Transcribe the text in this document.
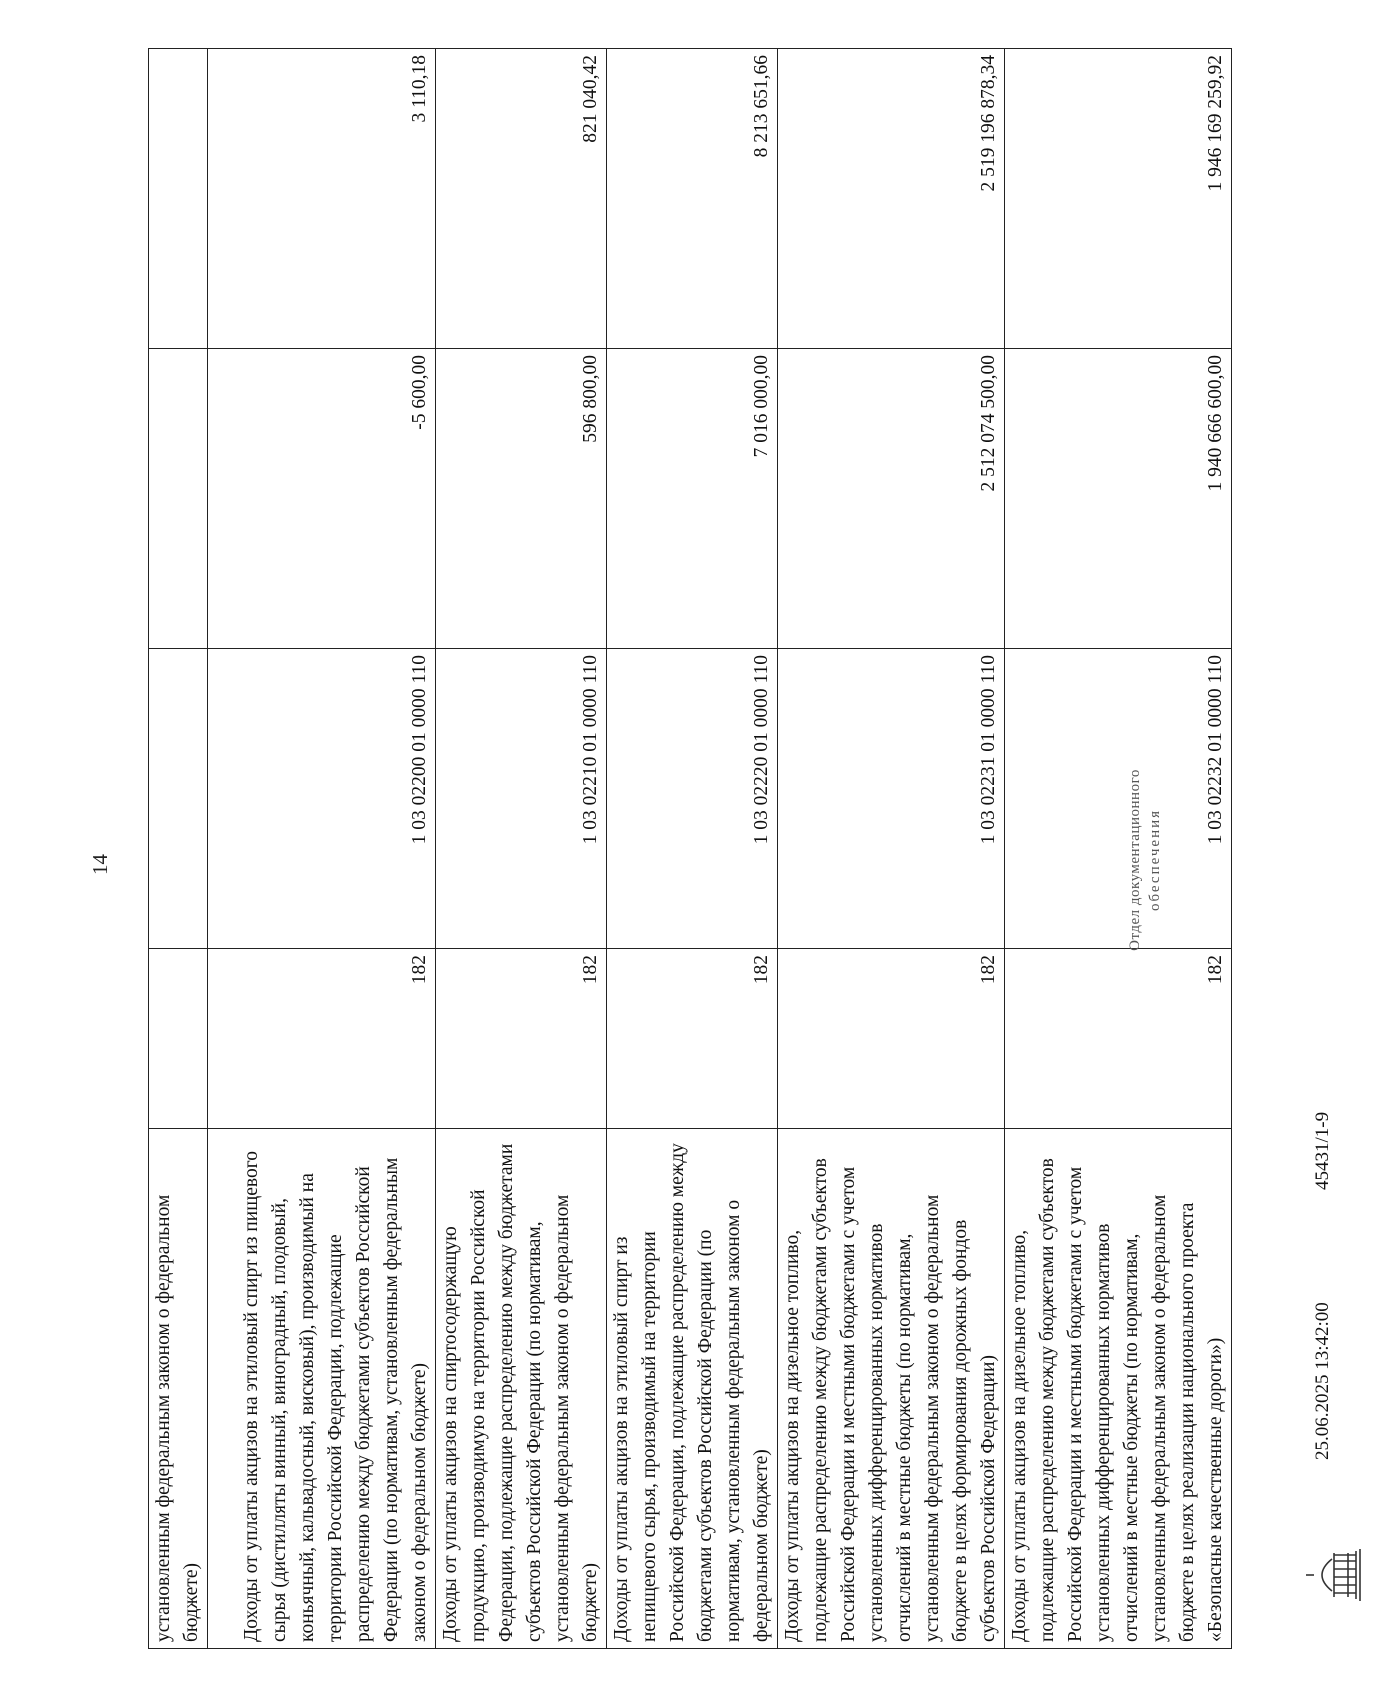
14
установленным федеральным законом о федеральном бюджете)				
Доходы от уплаты акцизов на этиловый спирт из пищевого сырья (дистилляты винный, виноградный, плодовый, коньячный, кальвадосный, висковый), производимый на территории Российской Федерации, подлежащие распределению между бюджетами субъектов Российской Федерации (по нормативам, установленным федеральным законом о федеральном бюджете)	182	1 03 02200 01 0000 110	-5 600,00	3 110,18
Доходы от уплаты акцизов на спиртосодержащую продукцию, производимую на территории Российской Федерации, подлежащие распределению между бюджетами субъектов Российской Федерации (по нормативам, установленным федеральным законом о федеральном бюджете)	182	1 03 02210 01 0000 110	596 800,00	821 040,42
Доходы от уплаты акцизов на этиловый спирт из непищевого сырья, производимый на территории Российской Федерации, подлежащие распределению между бюджетами субъектов Российской Федерации (по нормативам, установленным федеральным законом о федеральном бюджете)	182	1 03 02220 01 0000 110	7 016 000,00	8 213 651,66
Доходы от уплаты акцизов на дизельное топливо, подлежащие распределению между бюджетами субъектов Российской Федерации и местными бюджетами с учетом установленных дифференцированных нормативов отчислений в местные бюджеты (по нормативам, установленным федеральным законом о федеральном бюджете в целях формирования дорожных фондов субъектов Российской Федерации)	182	1 03 02231 01 0000 110	2 512 074 500,00	2 519 196 878,34
Доходы от уплаты акцизов на дизельное топливо, подлежащие распределению между бюджетами субъектов Российской Федерации и местными бюджетами с учетом установленных дифференцированных нормативов отчислений в местные бюджеты (по нормативам, установленным федеральным законом о федеральном бюджете в целях реализации национального проекта «Безопасные качественные дороги»)	182	1 03 02232 01 0000 110	1 940 666 600,00	1 946 169 259,92
25.06.2025 13:42:00
45431/1-9
Отдел документационного обеспечения
